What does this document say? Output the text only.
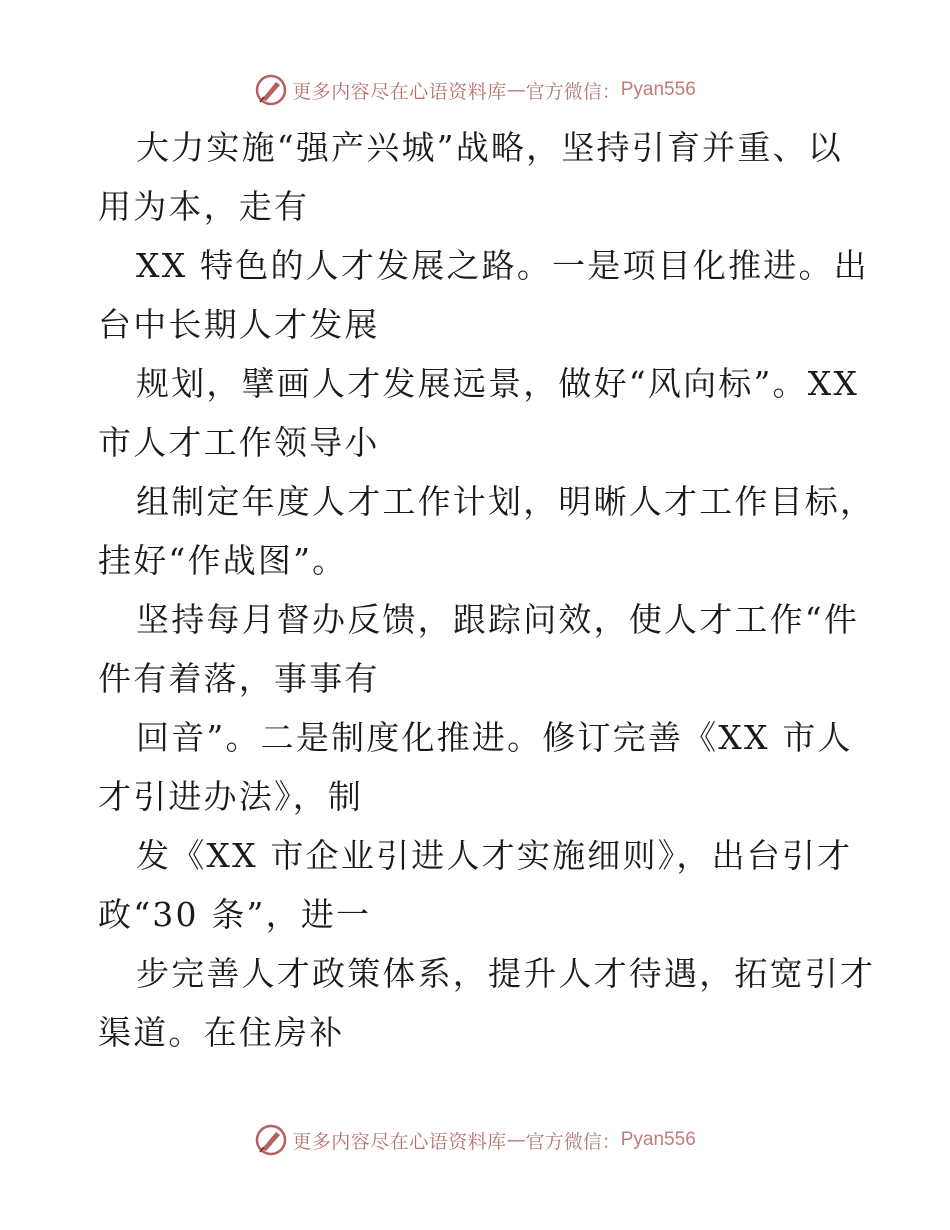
更多内容尽在心语资料库 — 官方微信： Pyan556
大力实施“强产兴城”战略，坚持引育并重、以
用为本，走有
XX 特色的人才发展之路。一是项目化推进。出
台中长期人才发展
规划，擘画人才发展远景，做好“风向标”。XX
市人才工作领导小
组制定年度人才工作计划，明晰人才工作目标，
挂好“作战图”。
坚持每月督办反馈，跟踪问效，使人才工作“件
件有着落，事事有
回音”。二是制度化推进。修订完善《XX 市人
才引进办法》，制
发《XX 市企业引进人才实施细则》，出台引才
政“30 条”，进一
步完善人才政策体系，提升人才待遇，拓宽引才
渠道。在住房补
更多内容尽在心语资料库 — 官方微信： Pyan556
